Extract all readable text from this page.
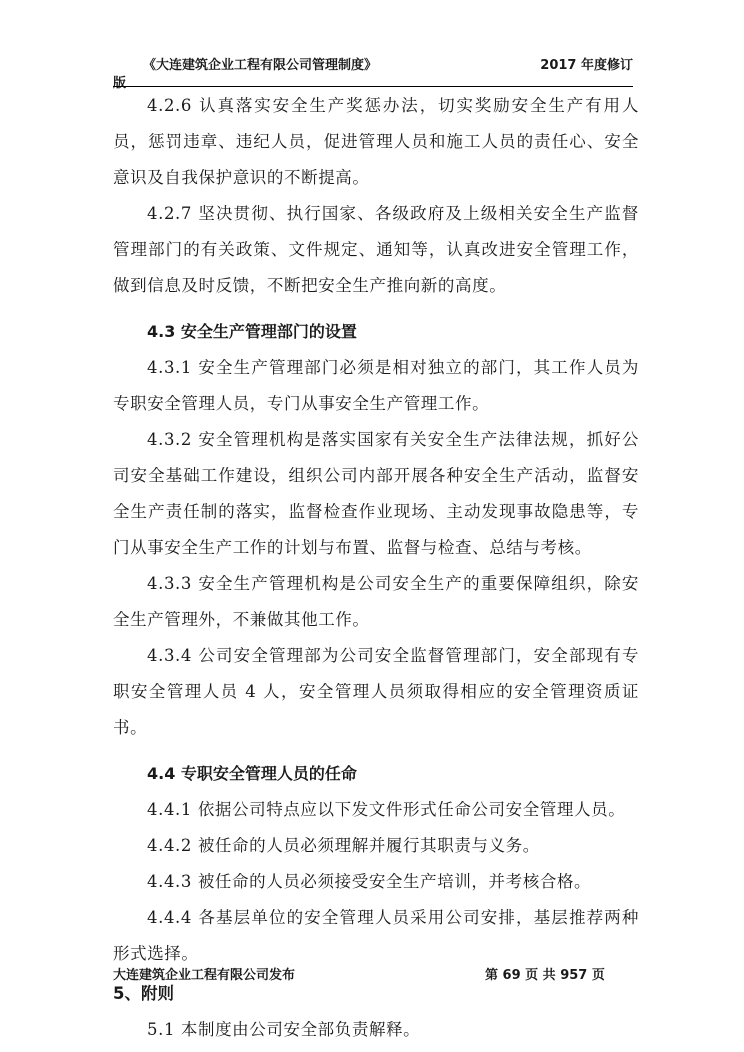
《大连建筑企业工程有限公司管理制度》	2017 年度修订
版

4.2.6 认真落实安全生产奖惩办法，切实奖励安全生产有用人员，惩罚违章、违纪人员，促进管理人员和施工人员的责任心、安全意识及自我保护意识的不断提高。

4.2.7 坚决贯彻、执行国家、各级政府及上级相关安全生产监督管理部门的有关政策、文件规定、通知等，认真改进安全管理工作，做到信息及时反馈，不断把安全生产推向新的高度。

4.3 安全生产管理部门的设置

4.3.1 安全生产管理部门必须是相对独立的部门，其工作人员为专职安全管理人员，专门从事安全生产管理工作。

4.3.2 安全管理机构是落实国家有关安全生产法律法规，抓好公司安全基础工作建设，组织公司内部开展各种安全生产活动，监督安全生产责任制的落实，监督检查作业现场、主动发现事故隐患等，专门从事安全生产工作的计划与布置、监督与检查、总结与考核。

4.3.3 安全生产管理机构是公司安全生产的重要保障组织，除安全生产管理外，不兼做其他工作。

4.3.4 公司安全管理部为公司安全监督管理部门，安全部现有专职安全管理人员 4 人，安全管理人员须取得相应的安全管理资质证书。

4.4 专职安全管理人员的任命

4.4.1 依据公司特点应以下发文件形式任命公司安全管理人员。

4.4.2 被任命的人员必须理解并履行其职责与义务。

4.4.3 被任命的人员必须接受安全生产培训，并考核合格。

4.4.4 各基层单位的安全管理人员采用公司安排，基层推荐两种形式选择。

5、附则

5.1 本制度由公司安全部负责解释。

大连建筑企业工程有限公司发布	第 69 页 共 957 页
